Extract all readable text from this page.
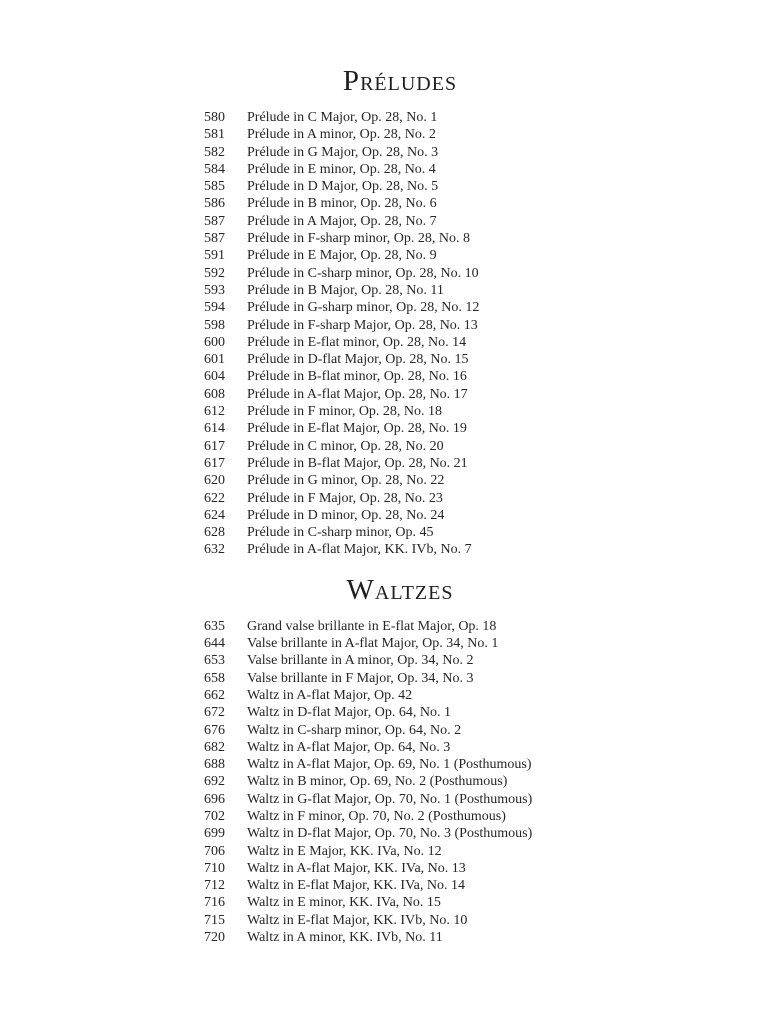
PRÉLUDES
580	Prélude in C Major, Op. 28, No. 1
581	Prélude in A minor, Op. 28, No. 2
582	Prélude in G Major, Op. 28, No. 3
584	Prélude in E minor, Op. 28, No. 4
585	Prélude in D Major, Op. 28, No. 5
586	Prélude in B minor, Op. 28, No. 6
587	Prélude in A Major, Op. 28, No. 7
587	Prélude in F-sharp minor, Op. 28, No. 8
591	Prélude in E Major, Op. 28, No. 9
592	Prélude in C-sharp minor, Op. 28, No. 10
593	Prélude in B Major, Op. 28, No. 11
594	Prélude in G-sharp minor, Op. 28, No. 12
598	Prélude in F-sharp Major, Op. 28, No. 13
600	Prélude in E-flat minor, Op. 28, No. 14
601	Prélude in D-flat Major, Op. 28, No. 15
604	Prélude in B-flat minor, Op. 28, No. 16
608	Prélude in A-flat Major, Op. 28, No. 17
612	Prélude in F minor, Op. 28, No. 18
614	Prélude in E-flat Major, Op. 28, No. 19
617	Prélude in C minor, Op. 28, No. 20
617	Prélude in B-flat Major, Op. 28, No. 21
620	Prélude in G minor, Op. 28, No. 22
622	Prélude in F Major, Op. 28, No. 23
624	Prélude in D minor, Op. 28, No. 24
628	Prélude in C-sharp minor, Op. 45
632	Prélude in A-flat Major, KK. IVb, No. 7
WALTZES
635	Grand valse brillante in E-flat Major, Op. 18
644	Valse brillante in A-flat Major, Op. 34, No. 1
653	Valse brillante in A minor, Op. 34, No. 2
658	Valse brillante in F Major, Op. 34, No. 3
662	Waltz in A-flat Major, Op. 42
672	Waltz in D-flat Major, Op. 64, No. 1
676	Waltz in C-sharp minor, Op. 64, No. 2
682	Waltz in A-flat Major, Op. 64, No. 3
688	Waltz in A-flat Major, Op. 69, No. 1 (Posthumous)
692	Waltz in B minor, Op. 69, No. 2 (Posthumous)
696	Waltz in G-flat Major, Op. 70, No. 1 (Posthumous)
702	Waltz in F minor, Op. 70, No. 2 (Posthumous)
699	Waltz in D-flat Major, Op. 70, No. 3 (Posthumous)
706	Waltz in E Major, KK. IVa, No. 12
710	Waltz in A-flat Major, KK. IVa, No. 13
712	Waltz in E-flat Major, KK. IVa, No. 14
716	Waltz in E minor, KK. IVa, No. 15
715	Waltz in E-flat Major, KK. IVb, No. 10
720	Waltz in A minor, KK. IVb, No. 11
